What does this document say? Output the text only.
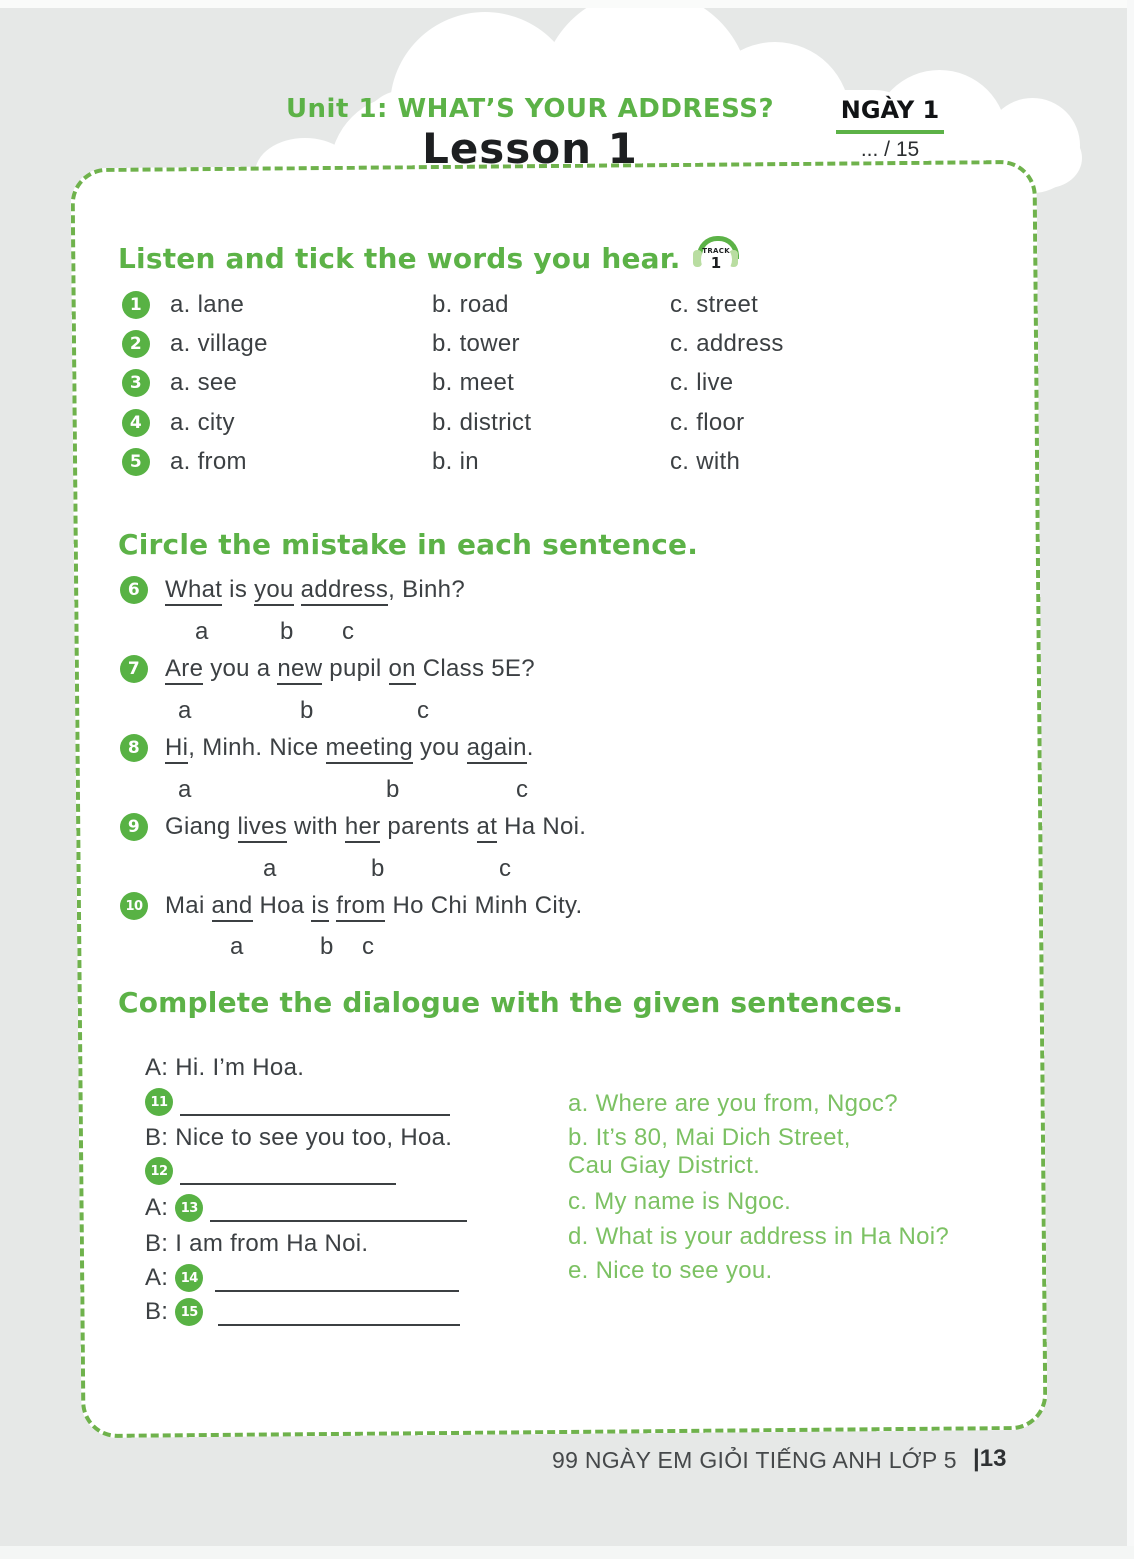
Unit 1: WHAT’S YOUR ADDRESS?
Lesson 1
NGÀY 1
... / 15
Listen and tick the words you hear.	TRACK
1
1	a. lane	b. road	c. street
2	a. village	b. tower	c. address
3	a. see	b. meet	c. live
4	a. city	b. district	c. floor
5	a. from	b. in	c. with
Circle the mistake in each sentence.
6	What is you address, Binh?
a	b c
7	Are you a new pupil on Class 5E?
a	b	c
8	Hi, Minh. Nice meeting you again.
a	b	c
9	Giang lives with her parents at Ha Noi.
a	b	c
10 Mai and Hoa is from Ho Chi Minh City.
a	b c
Complete the dialogue with the given sentences.
A: Hi. I’m Hoa.
11
B: Nice to see you too, Hoa.
12
A: 13
B: I am from Ha Noi.
A: 14
B: 15
a. Where are you from, Ngoc?
b. It’s 80, Mai Dich Street,
Cau Giay District.
c. My name is Ngoc.
d. What is your address in Ha Noi?
e. Nice to see you.
99 NGÀY EM GIỎI TIẾNG ANH LỚP 5 |13
